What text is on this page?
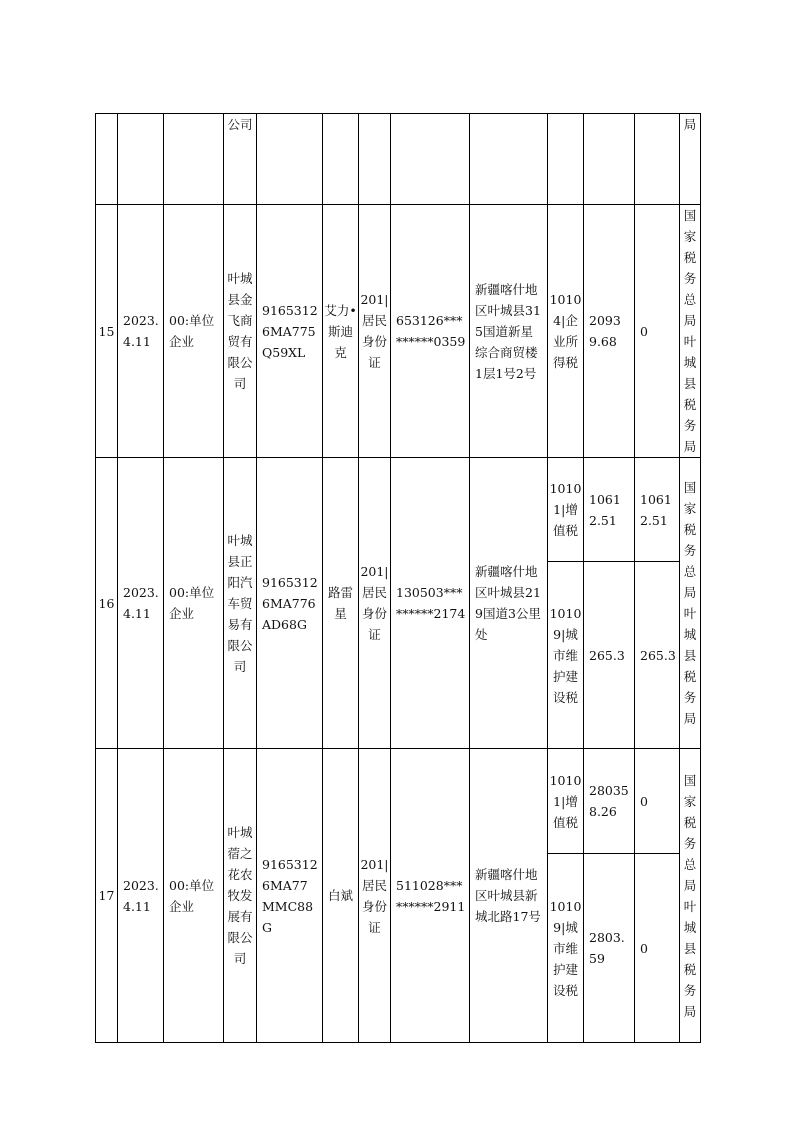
			公司									局
15	2023.4.11	00:单位企业	叶城县金飞商贸有限公司	91653126MA775Q59XL	艾力•斯迪克	201|居民身份证	653126*********0359	新疆喀什地区叶城县315国道新星综合商贸楼1层1号2号	10104|企业所得税	20939.68	0	国家税务总局叶城县税务局
16	2023.4.11	00:单位企业	叶城县正阳汽车贸易有限公司	91653126MA776AD68G	路雷星	201|居民身份证	130503*********2174	新疆喀什地区叶城县219国道3公里处	10101|增值税	10612.51	10612.51	国家税务总局叶城县税务局
									10109|城市维护建设税	265.3	265.3	
17	2023.4.11	00:单位企业	叶城蓿之花农牧发展有限公司	91653126MA77MMC88G	白斌	201|居民身份证	511028*********2911	新疆喀什地区叶城县新城北路17号	10101|增值税	280358.26	0	国家税务总局叶城县税务局
									10109|城市维护建设税	2803.59	0	
